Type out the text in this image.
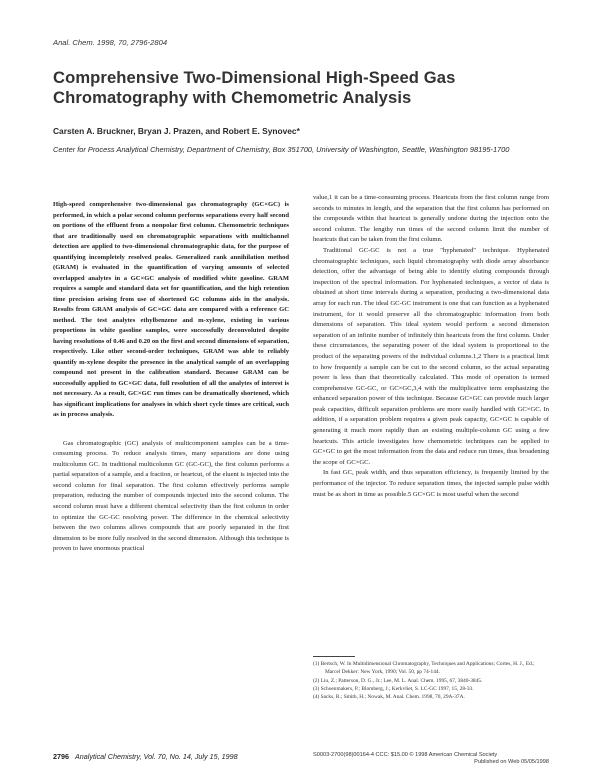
Anal. Chem. 1998, 70, 2796-2804
Comprehensive Two-Dimensional High-Speed Gas Chromatography with Chemometric Analysis
Carsten A. Bruckner, Bryan J. Prazen, and Robert E. Synovec*
Center for Process Analytical Chemistry, Department of Chemistry, Box 351700, University of Washington, Seattle, Washington 98195-1700

High-speed comprehensive two-dimensional gas chromatography (GC×GC) is performed, in which a polar second column performs separations every half second on portions of the effluent from a nonpolar first column. Chemometric techniques that are traditionally used on chromatographic separations with multichannel detection are applied to two-dimensional chromatographic data, for the purpose of quantifying incompletely resolved peaks. Generalized rank annihilation method (GRAM) is evaluated in the quantification of varying amounts of selected overlapped analytes in a GC×GC analysis of modified white gasoline. GRAM requires a sample and standard data set for quantification, and the high retention time precision arising from use of shortened GC columns aids in the analysis. Results from GRAM analysis of GC×GC data are compared with a reference GC method. The test analytes ethylbenzene and m-xylene, existing in various proportions in white gasoline samples, were successfully deconvoluted despite having resolutions of 0.46 and 0.20 on the first and second dimensions of separation, respectively. Like other second-order techniques, GRAM was able to reliably quantify m-xylene despite the presence in the analytical sample of an overlapping compound not present in the calibration standard. Because GRAM can be successfully applied to GC×GC data, full resolution of all the analytes of interest is not necessary. As a result, GC×GC run times can be dramatically shortened, which has significant implications for analyses in which short cycle times are critical, such as in process analysis.

Gas chromatographic (GC) analysis of multicomponent samples can be a time-consuming process. To reduce analysis times, many separations are done using multicolumn GC. In traditional multicolumn GC (GC-GC), the first column performs a partial separation of a sample, and a fraction, or heartcut, of the eluent is injected into the second column for final separation. The first column effectively performs sample preparation, reducing the number of compounds injected into the second column. The second column must have a different chemical selectivity than the first column in order to optimize the GC-GC resolving power. The difference in the chemical selectivity between the two columns allows compounds that are poorly separated in the first dimension to be more fully resolved in the second dimension. Although this technique is proven to have enormous practical

value,1 it can be a time-consuming process. Heartcuts from the first column range from seconds to minutes in length, and the separation that the first column has performed on the compounds within that heartcut is generally undone during the injection onto the second column. The lengthy run times of the second column limit the number of heartcuts that can be taken from the first column.

Traditional GC-GC is not a true "hyphenated" technique. Hyphenated chromatographic techniques, such liquid chromatography with diode array absorbance detection, offer the advantage of being able to identify eluting compounds through inspection of the spectral information. For hyphenated techniques, a vector of data is obtained at short time intervals during a separation, producing a two-dimensional data array for each run. The ideal GC-GC instrument is one that can function as a hyphenated instrument, for it would preserve all the chromatographic information from both dimensions of separation. This ideal system would perform a second dimension separation of an infinite number of infinitely thin heartcuts from the first column. Under these circumstances, the separating power of the ideal system is proportional to the product of the separating powers of the individual columns.1,2 There is a practical limit to how frequently a sample can be cut to the second column, so the actual separating power is less than that theoretically calculated. This mode of operation is termed comprehensive GC-GC, or GC×GC,3,4 with the multiplicative term emphasizing the enhanced separation power of this technique. Because GC×GC can provide much larger peak capacities, difficult separation problems are more easily handled with GC×GC. In addition, if a separation problem requires a given peak capacity, GC×GC is capable of generating it much more rapidly than an existing multiple-column GC using a few heartcuts. This article investigates how chemometric techniques can be applied to GC×GC to get the most information from the data and reduce run times, thus broadening the scope of GC×GC.

In fast GC, peak width, and thus separation efficiency, is frequently limited by the performance of the injector. To reduce separation times, the injected sample pulse width must be as short in time as possible.5 GC×GC is most useful when the second

(1) Bertsch, W. In Multidimensional Chromatography, Techniques and Applications; Cortes, H. J., Ed.; Marcel Dekker: New York, 1990; Vol. 50, pp 74-144.
(2) Liu, Z.; Patterson, D. G., Jr.; Lee, M. L. Anal. Chem. 1995, 67, 3840-3845.
(3) Schoenmakers, P.; Blomberg, J.; Kerkvliet, S. LC-GC 1997, 15, 28-33.
(4) Sacks, R.; Smith, H.; Nowak, M. Anal. Chem. 1998, 70, 29A-37A.
2796 Analytical Chemistry, Vol. 70, No. 14, July 15, 1998	S0003-2700(98)00164-4 CCC: $15.00 © 1998 American Chemical Society
Published on Web 05/05/1998
